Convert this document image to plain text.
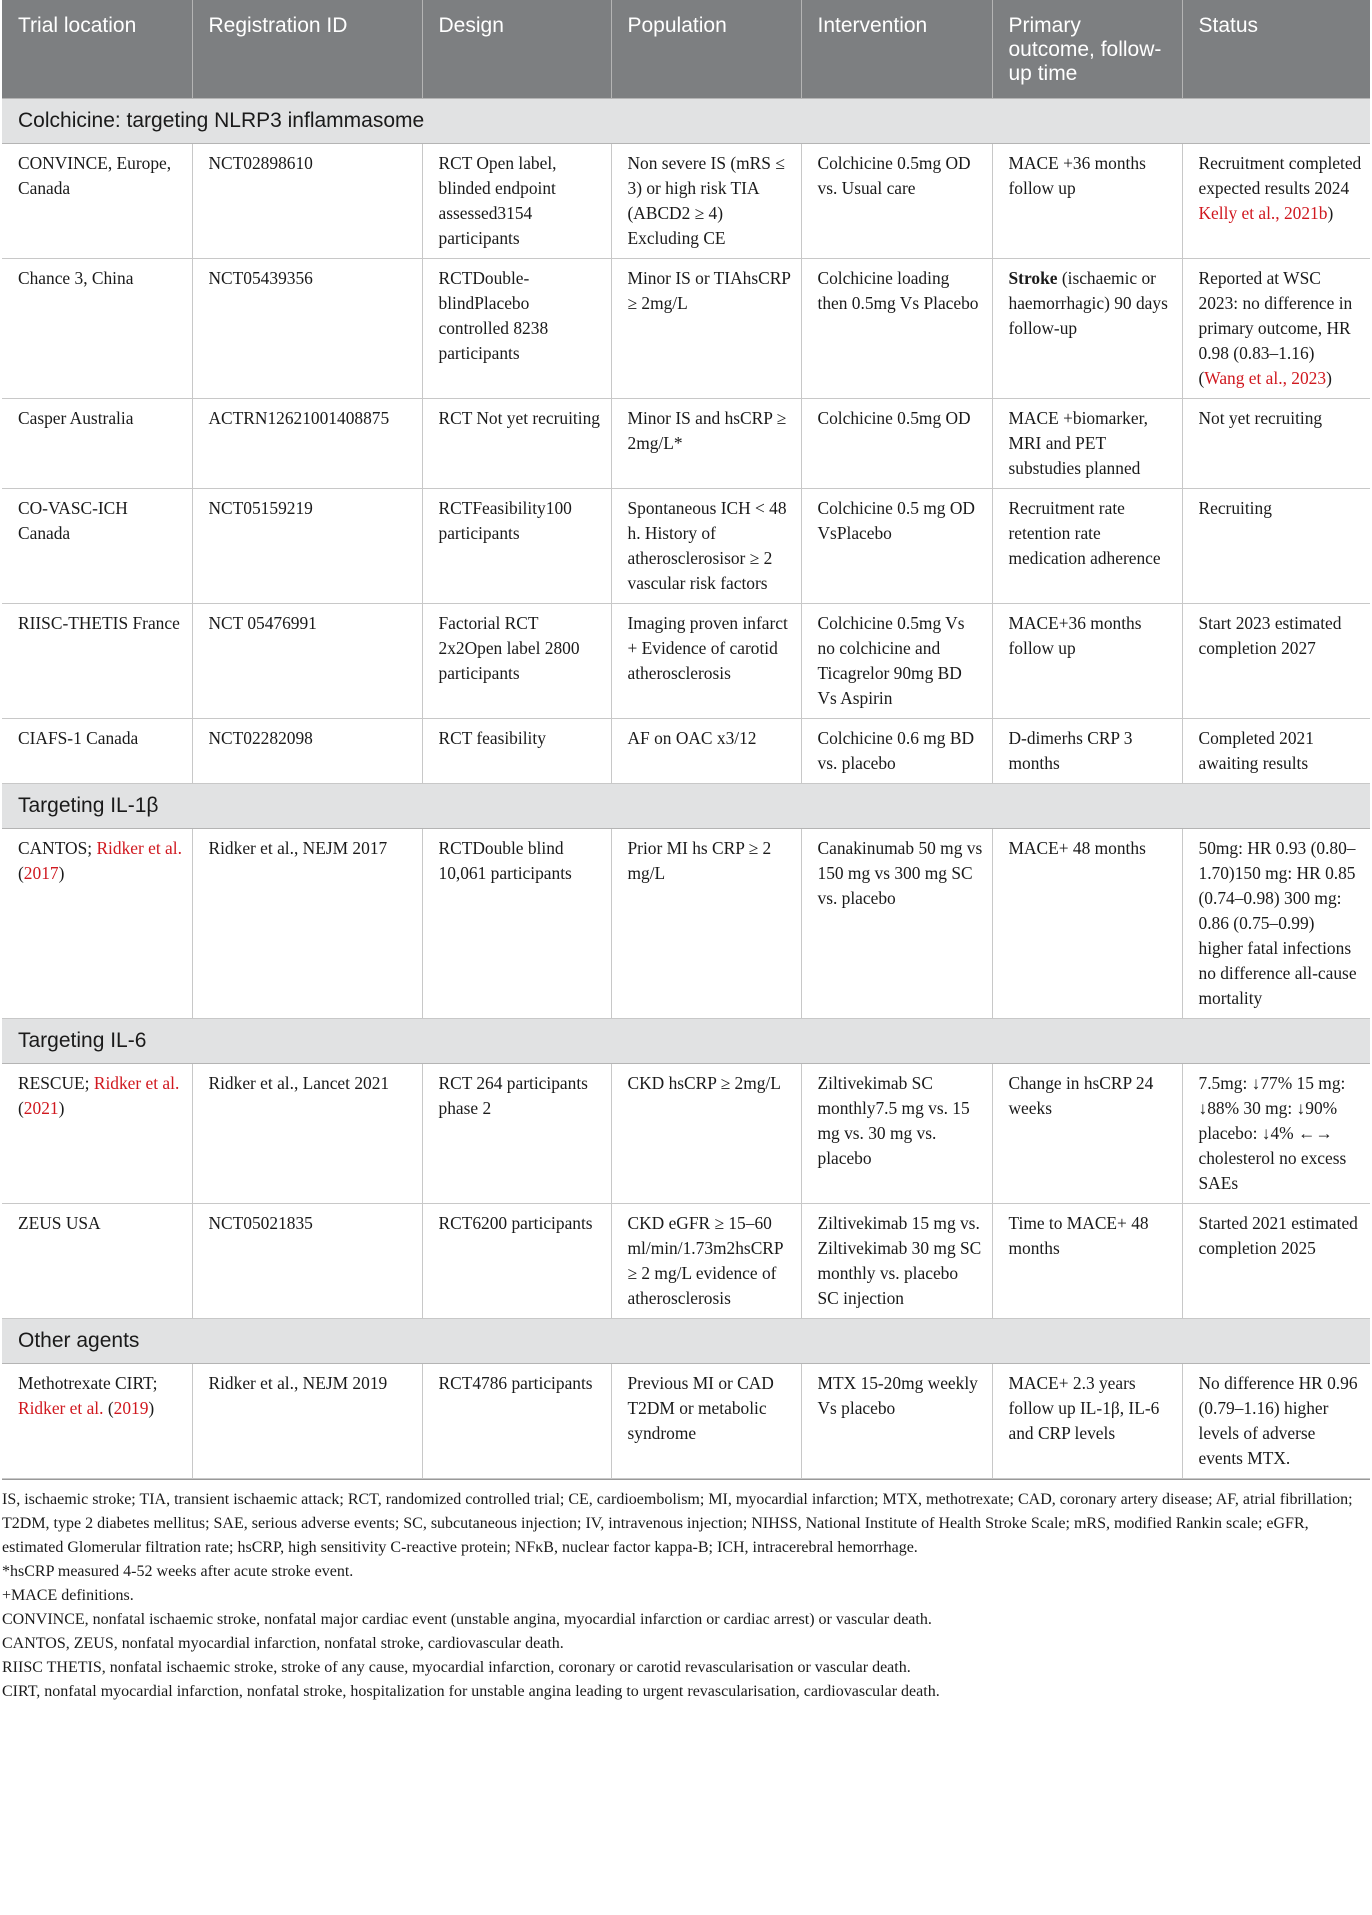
Trial location	Registration ID	Design	Population	Intervention	Primary outcome, follow-up time	Status
Colchicine: targeting NLRP3 inflammasome						
CONVINCE, Europe, Canada	NCT02898610	RCT Open label, blinded endpoint assessed3154 participants	Non severe IS (mRS ≤ 3) or high risk TIA (ABCD2 ≥ 4) Excluding CE	Colchicine 0.5mg OD vs. Usual care	MACE +36 months follow up	Recruitment completed expected results 2024 Kelly et al., 2021b)
Chance 3, China	NCT05439356	RCTDouble-blindPlacebo controlled 8238 participants	Minor IS or TIAhsCRP ≥ 2mg/L	Colchicine loading then 0.5mg Vs Placebo	Stroke (ischaemic or haemorrhagic) 90 days follow-up	Reported at WSC 2023: no difference in primary outcome, HR 0.98 (0.83–1.16) (Wang et al., 2023)
Casper Australia	ACTRN12621001408875	RCT Not yet recruiting	Minor IS and hsCRP ≥ 2mg/L*	Colchicine 0.5mg OD	MACE +biomarker, MRI and PET substudies planned	Not yet recruiting
CO-VASC-ICH Canada	NCT05159219	RCTFeasibility100 participants	Spontaneous ICH < 48 h. History of atherosclerosisor ≥ 2 vascular risk factors	Colchicine 0.5 mg OD VsPlacebo	Recruitment rate retention rate medication adherence	Recruiting
RIISC-THETIS France	NCT 05476991	Factorial RCT 2x2Open label 2800 participants	Imaging proven infarct + Evidence of carotid atherosclerosis	Colchicine 0.5mg Vs no colchicine and Ticagrelor 90mg BD Vs Aspirin	MACE+36 months follow up	Start 2023 estimated completion 2027
CIAFS-1 Canada	NCT02282098	RCT feasibility	AF on OAC x3/12	Colchicine 0.6 mg BD vs. placebo	D-dimerhs CRP 3 months	Completed 2021 awaiting results
Targeting IL-1β						
CANTOS; Ridker et al. (2017)	Ridker et al., NEJM 2017	RCTDouble blind 10,061 participants	Prior MI hs CRP ≥ 2 mg/L	Canakinumab 50 mg vs 150 mg vs 300 mg SC vs. placebo	MACE+ 48 months	50mg: HR 0.93 (0.80–1.70)150 mg: HR 0.85 (0.74–0.98) 300 mg: 0.86 (0.75–0.99) higher fatal infections no difference all-cause mortality
Targeting IL-6						
RESCUE; Ridker et al. (2021)	Ridker et al., Lancet 2021	RCT 264 participants phase 2	CKD hsCRP ≥ 2mg/L	Ziltivekimab SC monthly7.5 mg vs. 15 mg vs. 30 mg vs. placebo	Change in hsCRP 24 weeks	7.5mg: ↓77% 15 mg: ↓88% 30 mg: ↓90% placebo: ↓4% ←→ cholesterol no excess SAEs
ZEUS USA	NCT05021835	RCT6200 participants	CKD eGFR ≥ 15–60 ml/min/1.73m2hsCRP ≥ 2 mg/L evidence of atherosclerosis	Ziltivekimab 15 mg vs. Ziltivekimab 30 mg SC monthly vs. placebo SC injection	Time to MACE+ 48 months	Started 2021 estimated completion 2025
Other agents						
Methotrexate CIRT; Ridker et al. (2019)	Ridker et al., NEJM 2019	RCT4786 participants	Previous MI or CAD T2DM or metabolic syndrome	MTX 15-20mg weekly Vs placebo	MACE+ 2.3 years follow up IL-1β, IL-6 and CRP levels	No difference HR 0.96 (0.79–1.16) higher levels of adverse events MTX.

IS, ischaemic stroke; TIA, transient ischaemic attack; RCT, randomized controlled trial; CE, cardioembolism; MI, myocardial infarction; MTX, methotrexate; CAD, coronary artery disease; AF, atrial fibrillation; T2DM, type 2 diabetes mellitus; SAE, serious adverse events; SC, subcutaneous injection; IV, intravenous injection; NIHSS, National Institute of Health Stroke Scale; mRS, modified Rankin scale; eGFR, estimated Glomerular filtration rate; hsCRP, high sensitivity C-reactive protein; NFκB, nuclear factor kappa-B; ICH, intracerebral hemorrhage.

*hsCRP measured 4-52 weeks after acute stroke event.

+MACE definitions.

CONVINCE, nonfatal ischaemic stroke, nonfatal major cardiac event (unstable angina, myocardial infarction or cardiac arrest) or vascular death.

CANTOS, ZEUS, nonfatal myocardial infarction, nonfatal stroke, cardiovascular death.

RIISC THETIS, nonfatal ischaemic stroke, stroke of any cause, myocardial infarction, coronary or carotid revascularisation or vascular death.

CIRT, nonfatal myocardial infarction, nonfatal stroke, hospitalization for unstable angina leading to urgent revascularisation, cardiovascular death.
